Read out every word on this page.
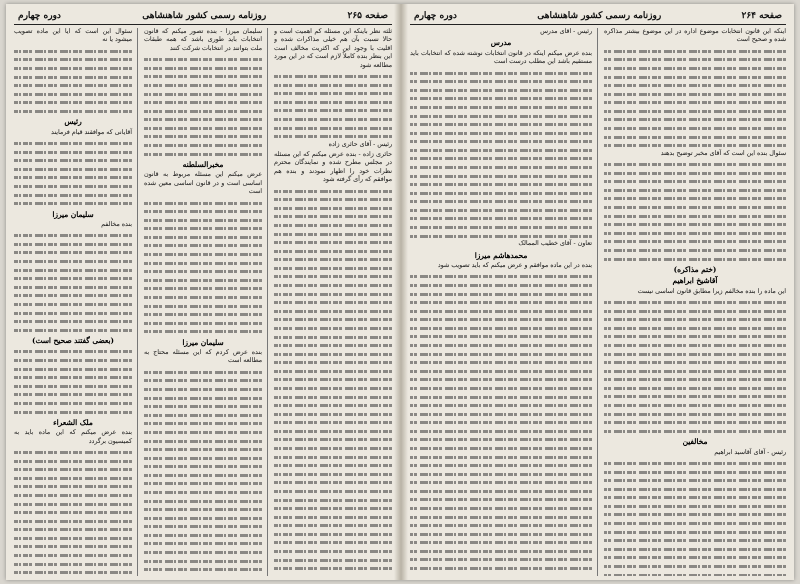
صفحه ۲۶۵
روزنامه رسمی کشور شاهنشاهی
دوره چهارم

ثلثه نظر باینکه این مسئله کم اهمیت است و حالا نسبت بآن هم خیلی مذاکرات شده و اقلیت با وجود این که اکثریت مخالف است این بنظر بنده کاملاً لازم است که در این مورد مطالعه شود

رئیس - آقای حائری زاده

حائری زاده - بنده عرض میکنم که این مسئله در مجلس مطرح شده و نمایندگان محترم نظرات خود را اظهار نمودند و بنده هم موافقم که رأی گرفته شود

سلیمان میرزا - بنده تصور میکنم که قانون انتخابات باید طوری باشد که همه طبقات ملت بتوانند در انتخابات شرکت کنند

مخبرالسلطنه

عرض میکنم این مسئله مربوط به قانون اساسی است و در قانون اساسی معین شده است

سلیمان میرزا

بنده عرض کردم که این مسئله محتاج به مطالعه است

سئوال این است که آیا این ماده تصویب میشود یا نه

رئیس

آقایانی که موافقند قیام فرمایند

سلیمان میرزا

بنده مخالفم

(بعضی گفتند صحیح است)
ملک الشعراء

بنده عرض میکنم که این ماده باید به کمیسیون برگردد

صفحه ۲۶۴
روزنامه رسمی کشور شاهنشاهی
دوره چهارم

اینکه این قانون انتخابات موضوع اداره در این موضوع بیشتر مذاکره شده و صحیح است

سئوال بنده این است که آقای مخبر توضیح بدهند

(ختم مذاکره)
آقاشیخ ابراهیم

این ماده را بنده مخالفم زیرا مطابق قانون اساسی نیست

مخالفین

رئیس - آقای آقاسید ابراهیم

رئیس - آقای مدرس

مدرس

بنده عرض میکنم اینکه در قانون انتخابات نوشته شده که انتخابات باید مستقیم باشد این مطلب درست است

تعاون - آقای خطیب الممالک

محمدهاشم میرزا

بنده در این ماده موافقم و عرض میکنم که باید تصویب شود
